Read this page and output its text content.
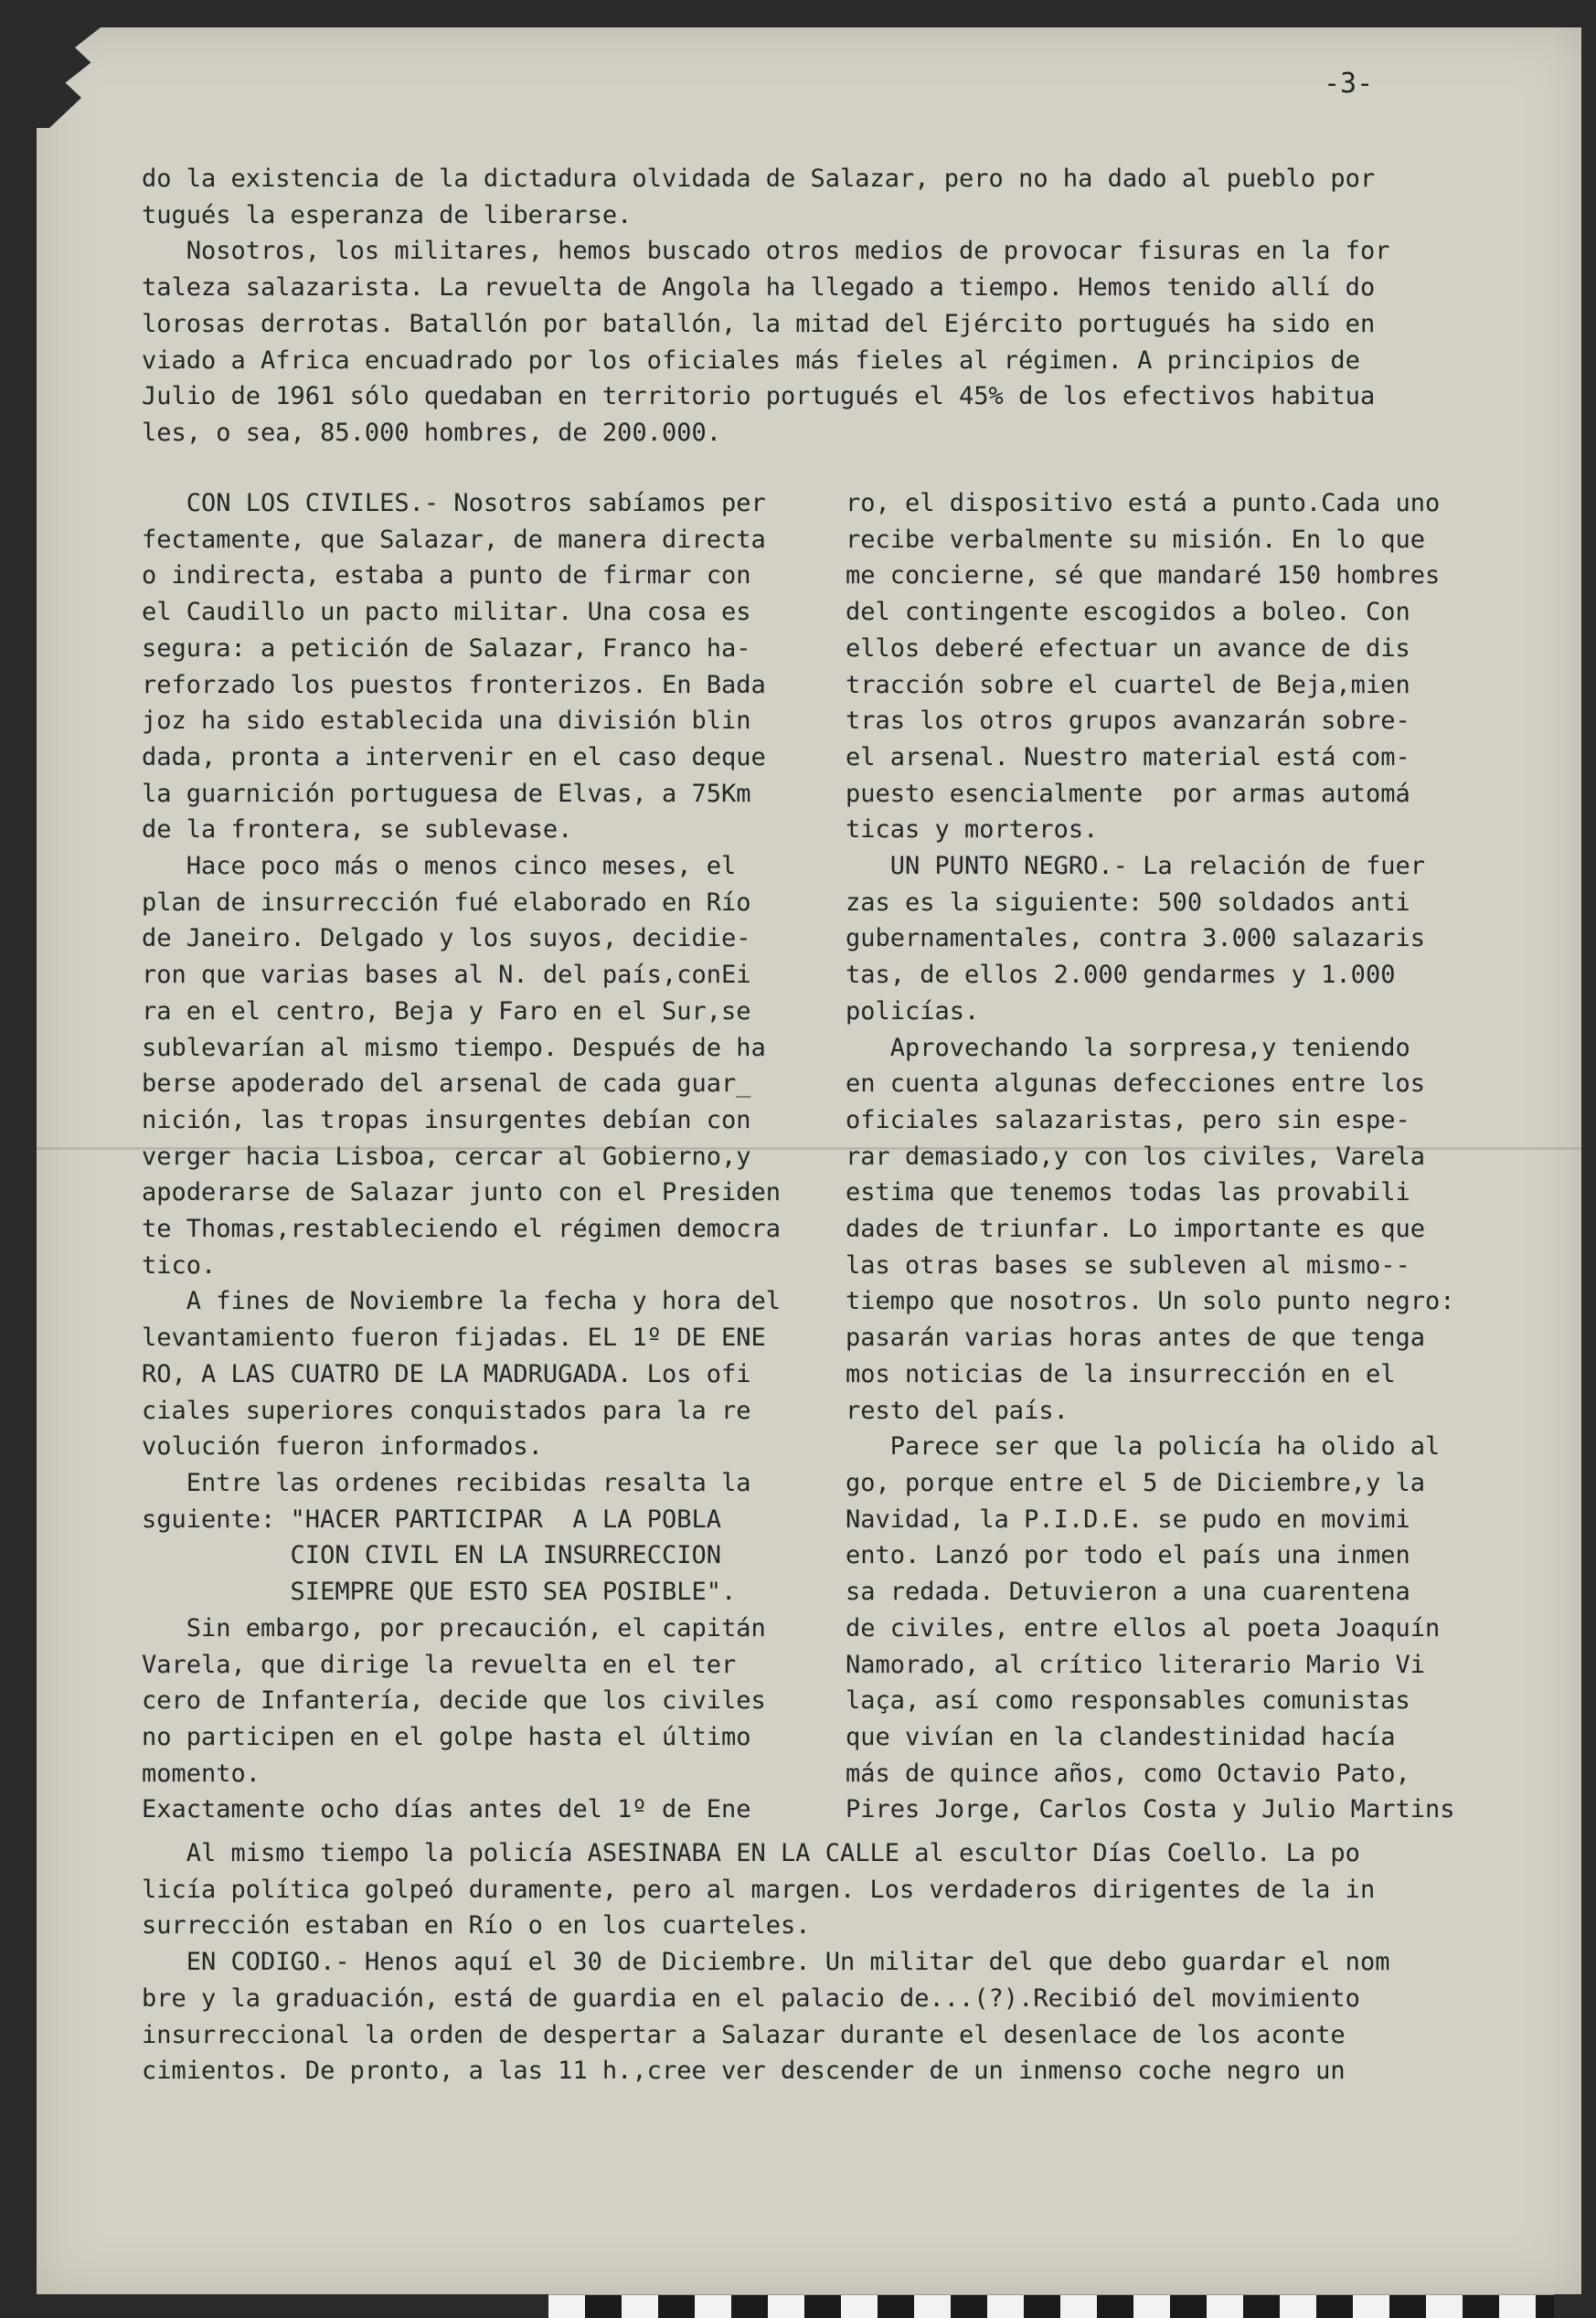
-3-

do la existencia de la dictadura olvidada de Salazar, pero no ha dado al pueblo por
tugués la esperanza de liberarse.
Nosotros, los militares, hemos buscado otros medios de provocar fisuras en la for
taleza salazarista. La revuelta de Angola ha llegado a tiempo. Hemos tenido allí do
lorosas derrotas. Batallón por batallón, la mitad del Ejército portugués ha sido en
viado a Africa encuadrado por los oficiales más fieles al régimen. A principios de
Julio de 1961 sólo quedaban en territorio portugués el 45% de los efectivos habitua
les, o sea, 85.000 hombres, de 200.000.

CON LOS CIVILES.- Nosotros sabíamos per
fectamente, que Salazar, de manera directa
o indirecta, estaba a punto de firmar con
el Caudillo un pacto militar. Una cosa es
segura: a petición de Salazar, Franco ha-
reforzado los puestos fronterizos. En Bada
joz ha sido establecida una división blin
dada, pronta a intervenir en el caso deque
la guarnición portuguesa de Elvas, a 75Km
de la frontera, se sublevase.
Hace poco más o menos cinco meses, el
plan de insurrección fué elaborado en Río
de Janeiro. Delgado y los suyos, decidie-
ron que varias bases al N. del país,conEi
ra en el centro, Beja y Faro en el Sur,se
sublevarían al mismo tiempo. Después de ha
berse apoderado del arsenal de cada guar_
nición, las tropas insurgentes debían con
verger hacia Lisboa, cercar al Gobierno,y
apoderarse de Salazar junto con el Presiden
te Thomas,restableciendo el régimen democra
tico.
A fines de Noviembre la fecha y hora del
levantamiento fueron fijadas. EL 1º DE ENE
RO, A LAS CUATRO DE LA MADRUGADA. Los ofi
ciales superiores conquistados para la re
volución fueron informados.
Entre las ordenes recibidas resalta la
sguiente: "HACER PARTICIPAR  A LA POBLA
CION CIVIL EN LA INSURRECCION
SIEMPRE QUE ESTO SEA POSIBLE".
Sin embargo, por precaución, el capitán
Varela, que dirige la revuelta en el ter
cero de Infantería, decide que los civiles
no participen en el golpe hasta el último
momento.
Exactamente ocho días antes del 1º de Ene

ro, el dispositivo está a punto.Cada uno
recibe verbalmente su misión. En lo que
me concierne, sé que mandaré 150 hombres
del contingente escogidos a boleo. Con
ellos deberé efectuar un avance de dis
tracción sobre el cuartel de Beja,mien
tras los otros grupos avanzarán sobre-
el arsenal. Nuestro material está com-
puesto esencialmente  por armas automá
ticas y morteros.
UN PUNTO NEGRO.- La relación de fuer
zas es la siguiente: 500 soldados anti
gubernamentales, contra 3.000 salazaris
tas, de ellos 2.000 gendarmes y 1.000
policías.
Aprovechando la sorpresa,y teniendo
en cuenta algunas defecciones entre los
oficiales salazaristas, pero sin espe-
rar demasiado,y con los civiles, Varela
estima que tenemos todas las provabili
dades de triunfar. Lo importante es que
las otras bases se subleven al mismo--
tiempo que nosotros. Un solo punto negro:
pasarán varias horas antes de que tenga
mos noticias de la insurrección en el
resto del país.
Parece ser que la policía ha olido al
go, porque entre el 5 de Diciembre,y la
Navidad, la P.I.D.E. se pudo en movimi
ento. Lanzó por todo el país una inmen
sa redada. Detuvieron a una cuarentena
de civiles, entre ellos al poeta Joaquín
Namorado, al crítico literario Mario Vi
laça, así como responsables comunistas
que vivían en la clandestinidad hacía
más de quince años, como Octavio Pato,
Pires Jorge, Carlos Costa y Julio Martins

Al mismo tiempo la policía ASESINABA EN LA CALLE al escultor Días Coello. La po
licía política golpeó duramente, pero al margen. Los verdaderos dirigentes de la in
surrección estaban en Río o en los cuarteles.
EN CODIGO.- Henos aquí el 30 de Diciembre. Un militar del que debo guardar el nom
bre y la graduación, está de guardia en el palacio de...(?).Recibió del movimiento
insurreccional la orden de despertar a Salazar durante el desenlace de los aconte
cimientos. De pronto, a las 11 h.,cree ver descender de un inmenso coche negro un
